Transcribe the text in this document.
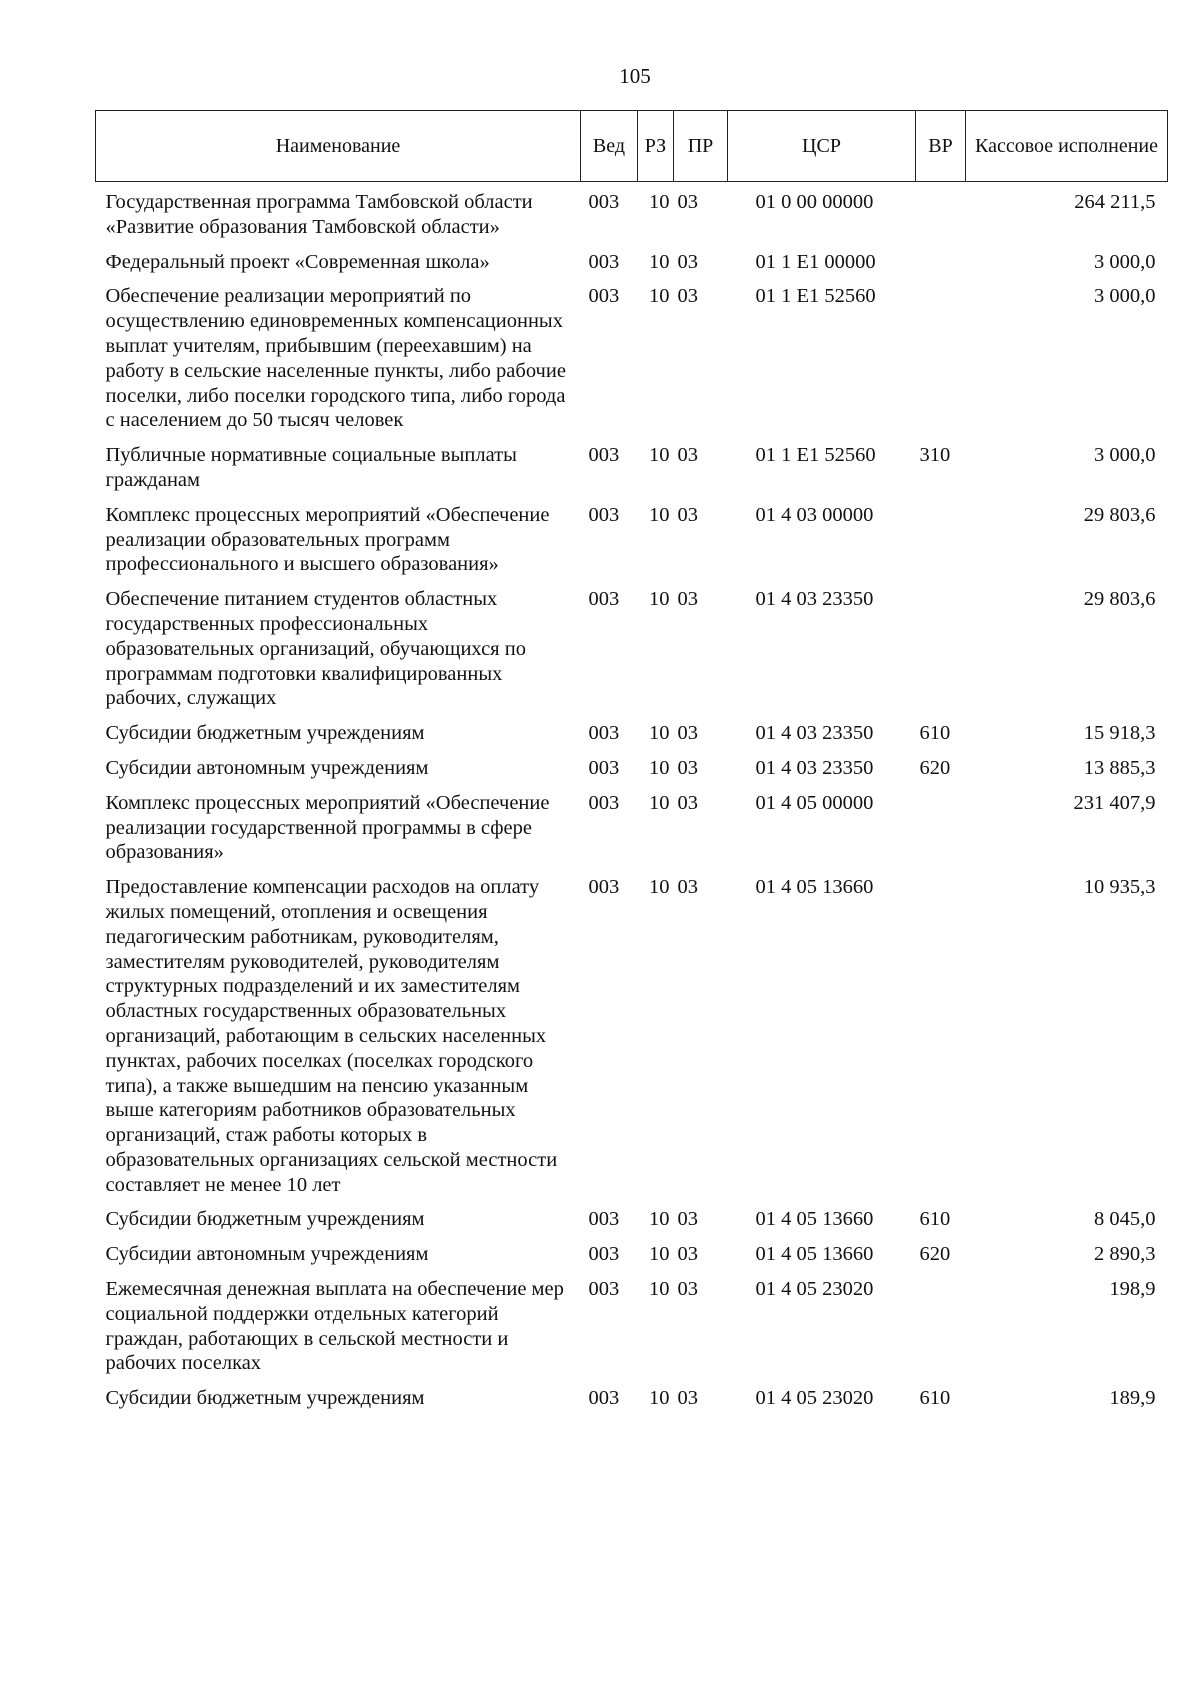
105
Наименование	Вед	РЗ	ПР	ЦСР	ВР	Кассовое исполнение
Государственная программа Тамбовской области «Развитие образования Тамбовской области»	003	10	03	01 0 00 00000		264 211,5
Федеральный проект «Современная школа»	003	10	03	01 1 Е1 00000		3 000,0
Обеспечение реализации мероприятий по осуществлению единовременных компенсационных выплат учителям, прибывшим (переехавшим) на работу в сельские населенные пункты, либо рабочие поселки, либо поселки городского типа, либо города с населением до 50 тысяч человек	003	10	03	01 1 Е1 52560		3 000,0
Публичные нормативные социальные выплаты гражданам	003	10	03	01 1 Е1 52560	310	3 000,0
Комплекс процессных мероприятий «Обеспечение реализации образовательных программ профессионального и высшего образования»	003	10	03	01 4 03 00000		29 803,6
Обеспечение питанием студентов областных государственных профессиональных образовательных организаций, обучающихся по программам подготовки квалифицированных рабочих, служащих	003	10	03	01 4 03 23350		29 803,6
Субсидии бюджетным учреждениям	003	10	03	01 4 03 23350	610	15 918,3
Субсидии автономным учреждениям	003	10	03	01 4 03 23350	620	13 885,3
Комплекс процессных мероприятий «Обеспечение реализации государственной программы в сфере образования»	003	10	03	01 4 05 00000		231 407,9
Предоставление компенсации расходов на оплату жилых помещений, отопления и освещения педагогическим работникам, руководителям, заместителям руководителей, руководителям структурных подразделений и их заместителям областных государственных образовательных организаций, работающим в сельских населенных пунктах, рабочих поселках (поселках городского типа), а также вышедшим на пенсию указанным выше категориям работников образовательных организаций, стаж работы которых в образовательных организациях сельской местности составляет не менее 10 лет	003	10	03	01 4 05 13660		10 935,3
Субсидии бюджетным учреждениям	003	10	03	01 4 05 13660	610	8 045,0
Субсидии автономным учреждениям	003	10	03	01 4 05 13660	620	2 890,3
Ежемесячная денежная выплата на обеспечение мер социальной поддержки отдельных категорий граждан, работающих в сельской местности и рабочих поселках	003	10	03	01 4 05 23020		198,9
Субсидии бюджетным учреждениям	003	10	03	01 4 05 23020	610	189,9
